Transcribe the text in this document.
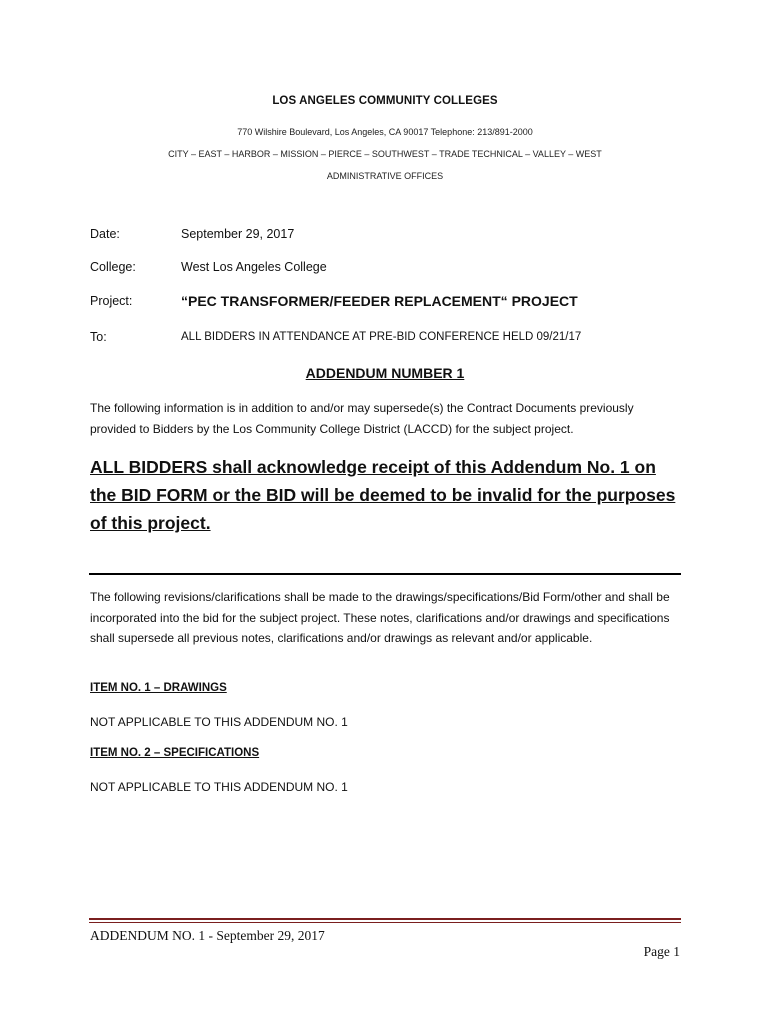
LOS ANGELES COMMUNITY COLLEGES
770 Wilshire Boulevard, Los Angeles, CA 90017 Telephone: 213/891-2000
CITY – EAST – HARBOR – MISSION – PIERCE – SOUTHWEST – TRADE TECHNICAL – VALLEY – WEST
ADMINISTRATIVE OFFICES
Date:	September 29, 2017
College:	West Los Angeles College
Project:	“PEC TRANSFORMER/FEEDER REPLACEMENT“ PROJECT
To:	ALL BIDDERS IN ATTENDANCE AT PRE-BID CONFERENCE HELD 09/21/17
ADDENDUM NUMBER 1
The following information is in addition to and/or may supersede(s) the Contract Documents previously provided to Bidders by the Los Community College District (LACCD) for the subject project.
ALL BIDDERS shall acknowledge receipt of this Addendum No. 1 on the BID FORM or the BID will be deemed to be invalid for the purposes of this project.
The following revisions/clarifications shall be made to the drawings/specifications/Bid Form/other and shall be incorporated into the bid for the subject project. These notes, clarifications and/or drawings and specifications shall supersede all previous notes, clarifications and/or drawings as relevant and/or applicable.
ITEM NO. 1 – DRAWINGS
NOT APPLICABLE TO THIS ADDENDUM NO. 1
ITEM NO. 2 – SPECIFICATIONS
NOT APPLICABLE TO THIS ADDENDUM NO. 1
ADDENDUM NO. 1 - September 29, 2017
Page 1
